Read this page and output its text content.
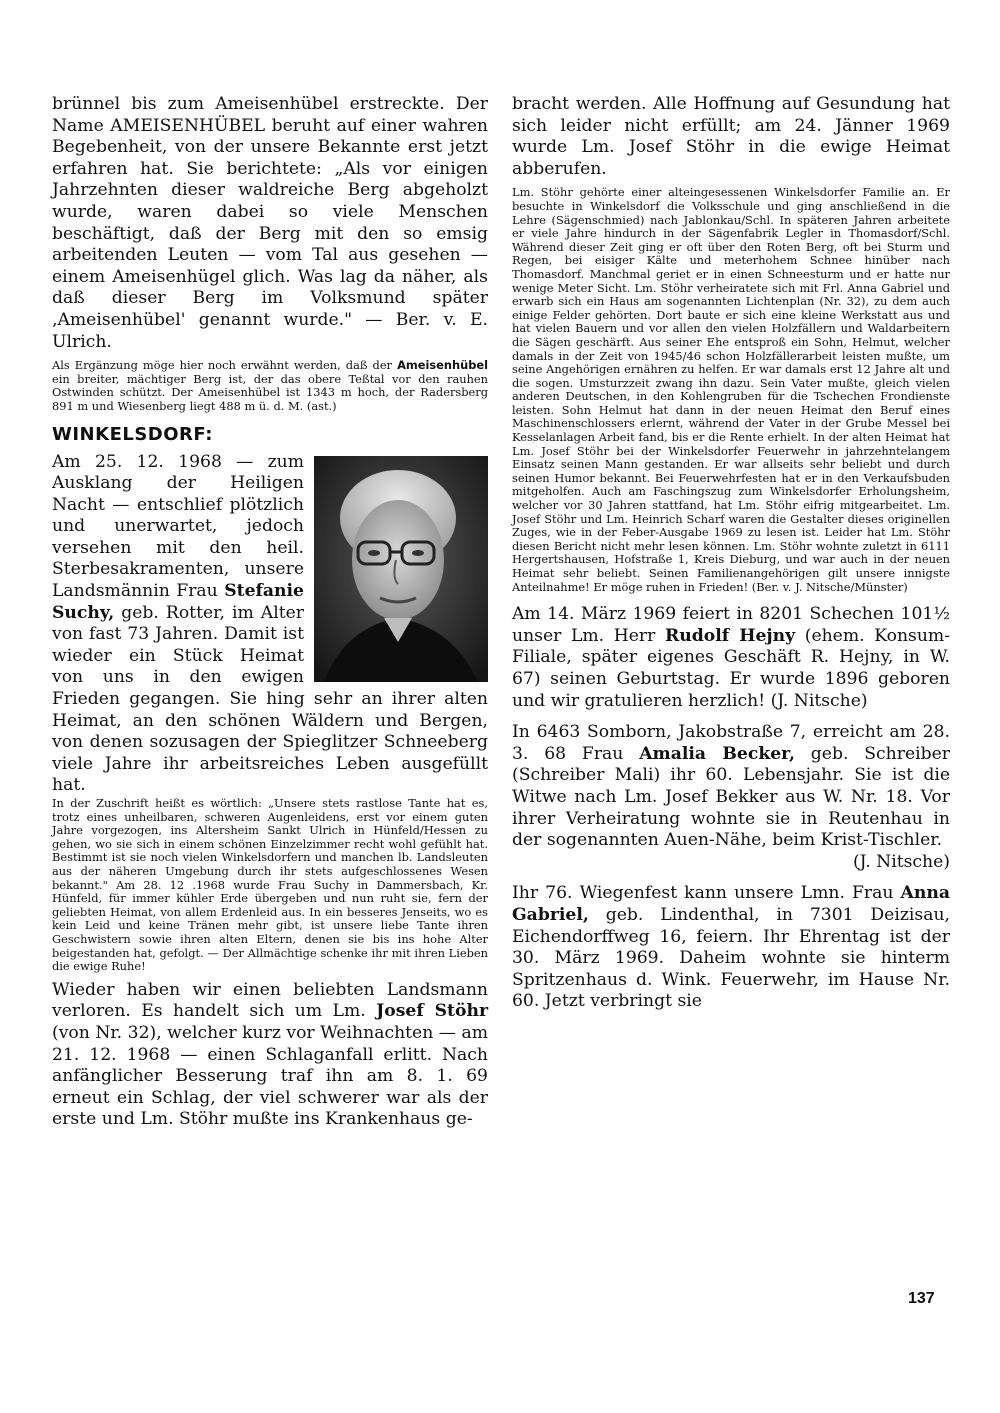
brünnel bis zum Ameisenhübel erstreckte. Der Name AMEISENHÜBEL beruht auf einer wahren Begebenheit, von der unsere Bekannte erst jetzt erfahren hat. Sie berichtete: „Als vor einigen Jahrzehnten dieser waldreiche Berg abgeholzt wurde, waren dabei so viele Menschen beschäftigt, daß der Berg mit den so emsig arbeitenden Leuten — vom Tal aus gesehen — einem Ameisenhügel glich. Was lag da näher, als daß dieser Berg im Volksmund später ‚Ameisenhübel' genannt wurde." — Ber. v. E. Ulrich.

Als Ergänzung möge hier noch erwähnt werden, daß der Ameisenhübel ein breiter, mächtiger Berg ist, der das obere Teßtal vor den rauhen Ostwinden schützt. Der Ameisenhübel ist 1343 m hoch, der Radersberg 891 m und Wiesenberg liegt 488 m ü. d. M. (ast.)

WINKELSDORF:

Am 25. 12. 1968 — zum Ausklang der Heiligen Nacht — entschlief plötzlich und unerwartet, jedoch versehen mit den heil. Sterbesakramenten, unsere Landsmännin Frau Stefanie Suchy, geb. Rotter, im Alter von fast 73 Jahren. Damit ist wieder ein Stück Heimat von uns in den ewigen Frieden gegangen. Sie hing sehr an ihrer alten Heimat, an den schönen Wäldern und Bergen, von denen sozusagen der Spieglitzer Schneeberg viele Jahre ihr arbeitsreiches Leben ausgefüllt hat.

In der Zuschrift heißt es wörtlich: „Unsere stets rastlose Tante hat es, trotz eines unheilbaren, schweren Augenleidens, erst vor einem guten Jahre vorgezogen, ins Altersheim Sankt Ulrich in Hünfeld/Hessen zu gehen, wo sie sich in einem schönen Einzelzimmer recht wohl gefühlt hat. Bestimmt ist sie noch vielen Winkelsdorfern und manchen lb. Landsleuten aus der näheren Umgebung durch ihr stets aufgeschlossenes Wesen bekannt." Am 28. 12 .1968 wurde Frau Suchy in Dammersbach, Kr. Hünfeld, für immer kühler Erde übergeben und nun ruht sie, fern der geliebten Heimat, von allem Erdenleid aus. In ein besseres Jenseits, wo es kein Leid und keine Tränen mehr gibt, ist unsere liebe Tante ihren Geschwistern sowie ihren alten Eltern, denen sie bis ins hohe Alter beigestanden hat, gefolgt. — Der Allmächtige schenke ihr mit ihren Lieben die ewige Ruhe!

Wieder haben wir einen beliebten Landsmann verloren. Es handelt sich um Lm. Josef Stöhr (von Nr. 32), welcher kurz vor Weihnachten — am 21. 12. 1968 — einen Schlaganfall erlitt. Nach anfänglicher Besserung traf ihn am 8. 1. 69 erneut ein Schlag, der viel schwerer war als der erste und Lm. Stöhr mußte ins Krankenhaus ge-

bracht werden. Alle Hoffnung auf Gesundung hat sich leider nicht erfüllt; am 24. Jänner 1969 wurde Lm. Josef Stöhr in die ewige Heimat abberufen.

Lm. Stöhr gehörte einer alteingesessenen Winkelsdorfer Familie an. Er besuchte in Winkelsdorf die Volksschule und ging anschließend in die Lehre (Sägenschmied) nach Jablonkau/Schl. In späteren Jahren arbeitete er viele Jahre hindurch in der Sägenfabrik Legler in Thomasdorf/Schl. Während dieser Zeit ging er oft über den Roten Berg, oft bei Sturm und Regen, bei eisiger Kälte und meterhohem Schnee hinüber nach Thomasdorf. Manchmal geriet er in einen Schneesturm und er hatte nur wenige Meter Sicht. Lm. Stöhr verheiratete sich mit Frl. Anna Gabriel und erwarb sich ein Haus am sogenannten Lichtenplan (Nr. 32), zu dem auch einige Felder gehörten. Dort baute er sich eine kleine Werkstatt aus und hat vielen Bauern und vor allen den vielen Holzfällern und Waldarbeitern die Sägen geschärft. Aus seiner Ehe entsproß ein Sohn, Helmut, welcher damals in der Zeit von 1945/46 schon Holzfällerarbeit leisten mußte, um seine Angehörigen ernähren zu helfen. Er war damals erst 12 Jahre alt und die sogen. Umsturzzeit zwang ihn dazu. Sein Vater mußte, gleich vielen anderen Deutschen, in den Kohlengruben für die Tschechen Frondienste leisten. Sohn Helmut hat dann in der neuen Heimat den Beruf eines Maschinenschlossers erlernt, während der Vater in der Grube Messel bei Kesselanlagen Arbeit fand, bis er die Rente erhielt. In der alten Heimat hat Lm. Josef Stöhr bei der Winkelsdorfer Feuerwehr in jahrzehntelangem Einsatz seinen Mann gestanden. Er war allseits sehr beliebt und durch seinen Humor bekannt. Bei Feuerwehrfesten hat er in den Verkaufsbuden mitgeholfen. Auch am Faschingszug zum Winkelsdorfer Erholungsheim, welcher vor 30 Jahren stattfand, hat Lm. Stöhr eifrig mitgearbeitet. Lm. Josef Stöhr und Lm. Heinrich Scharf waren die Gestalter dieses originellen Zuges, wie in der Feber-Ausgabe 1969 zu lesen ist. Leider hat Lm. Stöhr diesen Bericht nicht mehr lesen können. Lm. Stöhr wohnte zuletzt in 6111 Hergertshausen, Hofstraße 1, Kreis Dieburg, und war auch in der neuen Heimat sehr beliebt. Seinen Familienangehörigen gilt unsere innigste Anteilnahme! Er möge ruhen in Frieden! (Ber. v. J. Nitsche/Münster)

Am 14. März 1969 feiert in 8201 Schechen 101½ unser Lm. Herr Rudolf Hejny (ehem. Konsum-Filiale, später eigenes Geschäft R. Hejny, in W. 67) seinen Geburtstag. Er wurde 1896 geboren und wir gratulieren herzlich! (J. Nitsche)

In 6463 Somborn, Jakobstraße 7, erreicht am 28. 3. 68 Frau Amalia Becker, geb. Schreiber (Schreiber Mali) ihr 60. Lebensjahr. Sie ist die Witwe nach Lm. Josef Bekker aus W. Nr. 18. Vor ihrer Verheiratung wohnte sie in Reutenhau in der sogenannten Auen-Nähe, beim Krist-Tischler.

(J. Nitsche)

Ihr 76. Wiegenfest kann unsere Lmn. Frau Anna Gabriel, geb. Lindenthal, in 7301 Deizisau, Eichendorffweg 16, feiern. Ihr Ehrentag ist der 30. März 1969. Daheim wohnte sie hinterm Spritzenhaus d. Wink. Feuerwehr, im Hause Nr. 60. Jetzt verbringt sie

137
